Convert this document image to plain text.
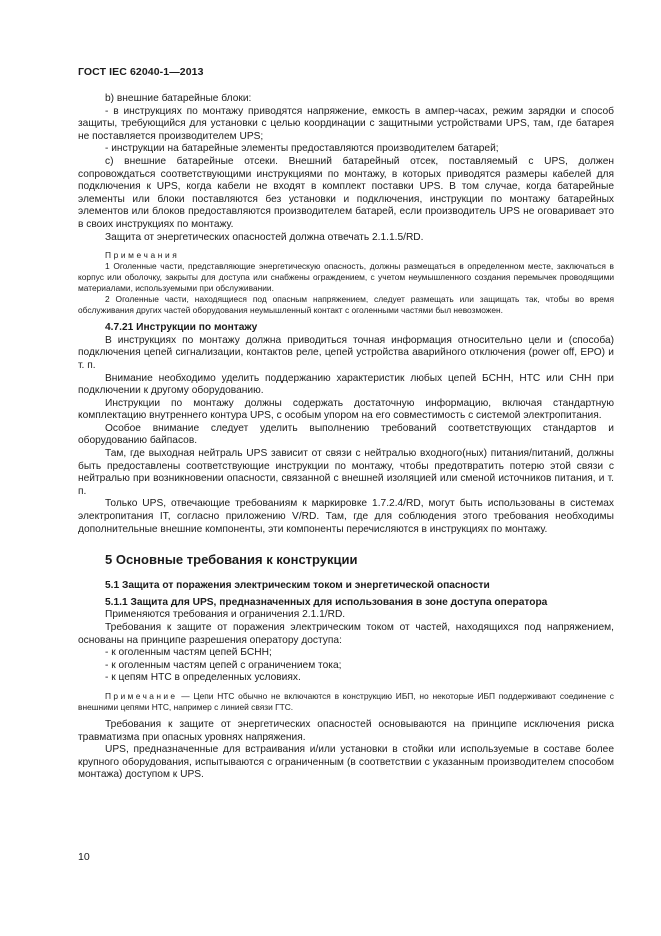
ГОСТ IEC 62040-1—2013

b) внешние батарейные блоки:

- в инструкциях по монтажу приводятся напряжение, емкость в ампер-часах, режим зарядки и способ защиты, требующийся для установки с целью координации с защитными устройствами UPS, там, где батарея не поставляется производителем UPS;

- инструкции на батарейные элементы предоставляются производителем батарей;

c) внешние батарейные отсеки. Внешний батарейный отсек, поставляемый с UPS, должен сопровождаться соответствующими инструкциями по монтажу, в которых приводятся размеры кабелей для подключения к UPS, когда кабели не входят в комплект поставки UPS. В том случае, когда батарейные элементы или блоки поставляются без установки и подключения, инструкции по монтажу батарейных элементов или блоков предоставляются производителем батарей, если производитель UPS не оговаривает это в своих инструкциях по монтажу.

Защита от энергетических опасностей должна отвечать 2.1.1.5/RD.

Примечания

1 Оголенные части, представляющие энергетическую опасность, должны размещаться в определенном месте, заключаться в корпус или оболочку, закрыты для доступа или снабжены ограждением, с учетом неумышленного создания перемычек проводящими материалами, используемыми при обслуживании.

2 Оголенные части, находящиеся под опасным напряжением, следует размещать или защищать так, чтобы во время обслуживания других частей оборудования неумышленный контакт с оголенными частями был невозможен.

4.7.21 Инструкции по монтажу

В инструкциях по монтажу должна приводиться точная информация относительно цели и (способа) подключения цепей сигнализации, контактов реле, цепей устройства аварийного отключения (power off, ЕРО) и т. п.

Внимание необходимо уделить поддержанию характеристик любых цепей БСНН, НТС или СНН при подключении к другому оборудованию.

Инструкции по монтажу должны содержать достаточную информацию, включая стандартную комплектацию внутреннего контура UPS, с особым упором на его совместимость с системой электропитания.

Особое внимание следует уделить выполнению требований соответствующих стандартов и оборудованию байпасов.

Там, где выходная нейтраль UPS зависит от связи с нейтралью входного(ных) питания/питаний, должны быть предоставлены соответствующие инструкции по монтажу, чтобы предотвратить потерю этой связи с нейтралью при возникновении опасности, связанной с внешней изоляцией или сменой источников питания, и т. п.

Только UPS, отвечающие требованиям к маркировке 1.7.2.4/RD, могут быть использованы в системах электропитания IT, согласно приложению V/RD. Там, где для соблюдения этого требования необходимы дополнительные внешние компоненты, эти компоненты перечисляются в инструкциях по монтажу.

5 Основные требования к конструкции

5.1 Защита от поражения электрическим током и энергетической опасности

5.1.1 Защита для UPS, предназначенных для использования в зоне доступа оператора

Применяются требования и ограничения 2.1.1/RD.

Требования к защите от поражения электрическим током от частей, находящихся под напряжением, основаны на принципе разрешения оператору доступа:

- к оголенным частям цепей БСНН;

- к оголенным частям цепей с ограничением тока;

- к цепям НТС в определенных условиях.

Примечание — Цепи НТС обычно не включаются в конструкцию ИБП, но некоторые ИБП поддерживают соединение с внешними цепями НТС, например с линией связи ГТС.

Требования к защите от энергетических опасностей основываются на принципе исключения риска травматизма при опасных уровнях напряжения.

UPS, предназначенные для встраивания и/или установки в стойки или используемые в составе более крупного оборудования, испытываются с ограниченным (в соответствии с указанным производителем способом монтажа) доступом к UPS.

10
